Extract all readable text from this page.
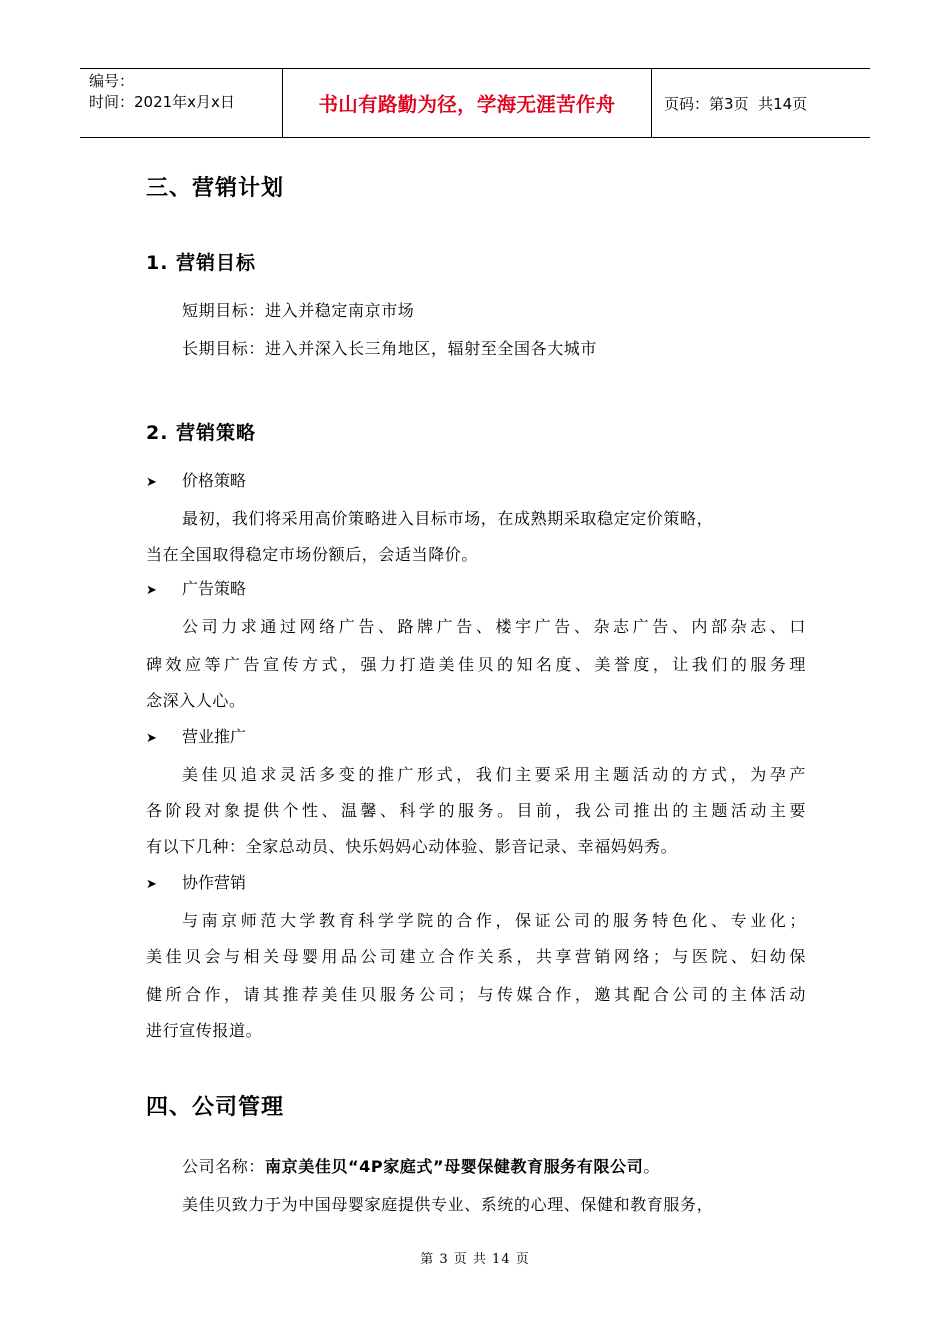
编号：
时间：2021年x月x日	书山有路勤为径，学海无涯苦作舟	页码：第3页  共14页
三、营销计划
1. 营销目标
短期目标：进入并稳定南京市场
长期目标：进入并深入长三角地区，辐射至全国各大城市
2. 营销策略
➤ 价格策略
最初，我们将采用高价策略进入目标市场，在成熟期采取稳定定价策略，
当在全国取得稳定市场份额后，会适当降价。
➤ 广告策略
公司力求通过网络广告、路牌广告、楼宇广告、杂志广告、内部杂志、口
碑效应等广告宣传方式，强力打造美佳贝的知名度、美誉度，让我们的服务理
念深入人心。
➤ 营业推广
美佳贝追求灵活多变的推广形式，我们主要采用主题活动的方式，为孕产
各阶段对象提供个性、温馨、科学的服务。目前，我公司推出的主题活动主要
有以下几种：全家总动员、快乐妈妈心动体验、影音记录、幸福妈妈秀。
➤ 协作营销
与南京师范大学教育科学学院的合作，保证公司的服务特色化、专业化；
美佳贝会与相关母婴用品公司建立合作关系，共享营销网络；与医院、妇幼保
健所合作，请其推荐美佳贝服务公司；与传媒合作，邀其配合公司的主体活动
进行宣传报道。
四、公司管理
公司名称：南京美佳贝“4P家庭式”母婴保健教育服务有限公司。
美佳贝致力于为中国母婴家庭提供专业、系统的心理、保健和教育服务，
第 3 页 共 14 页
